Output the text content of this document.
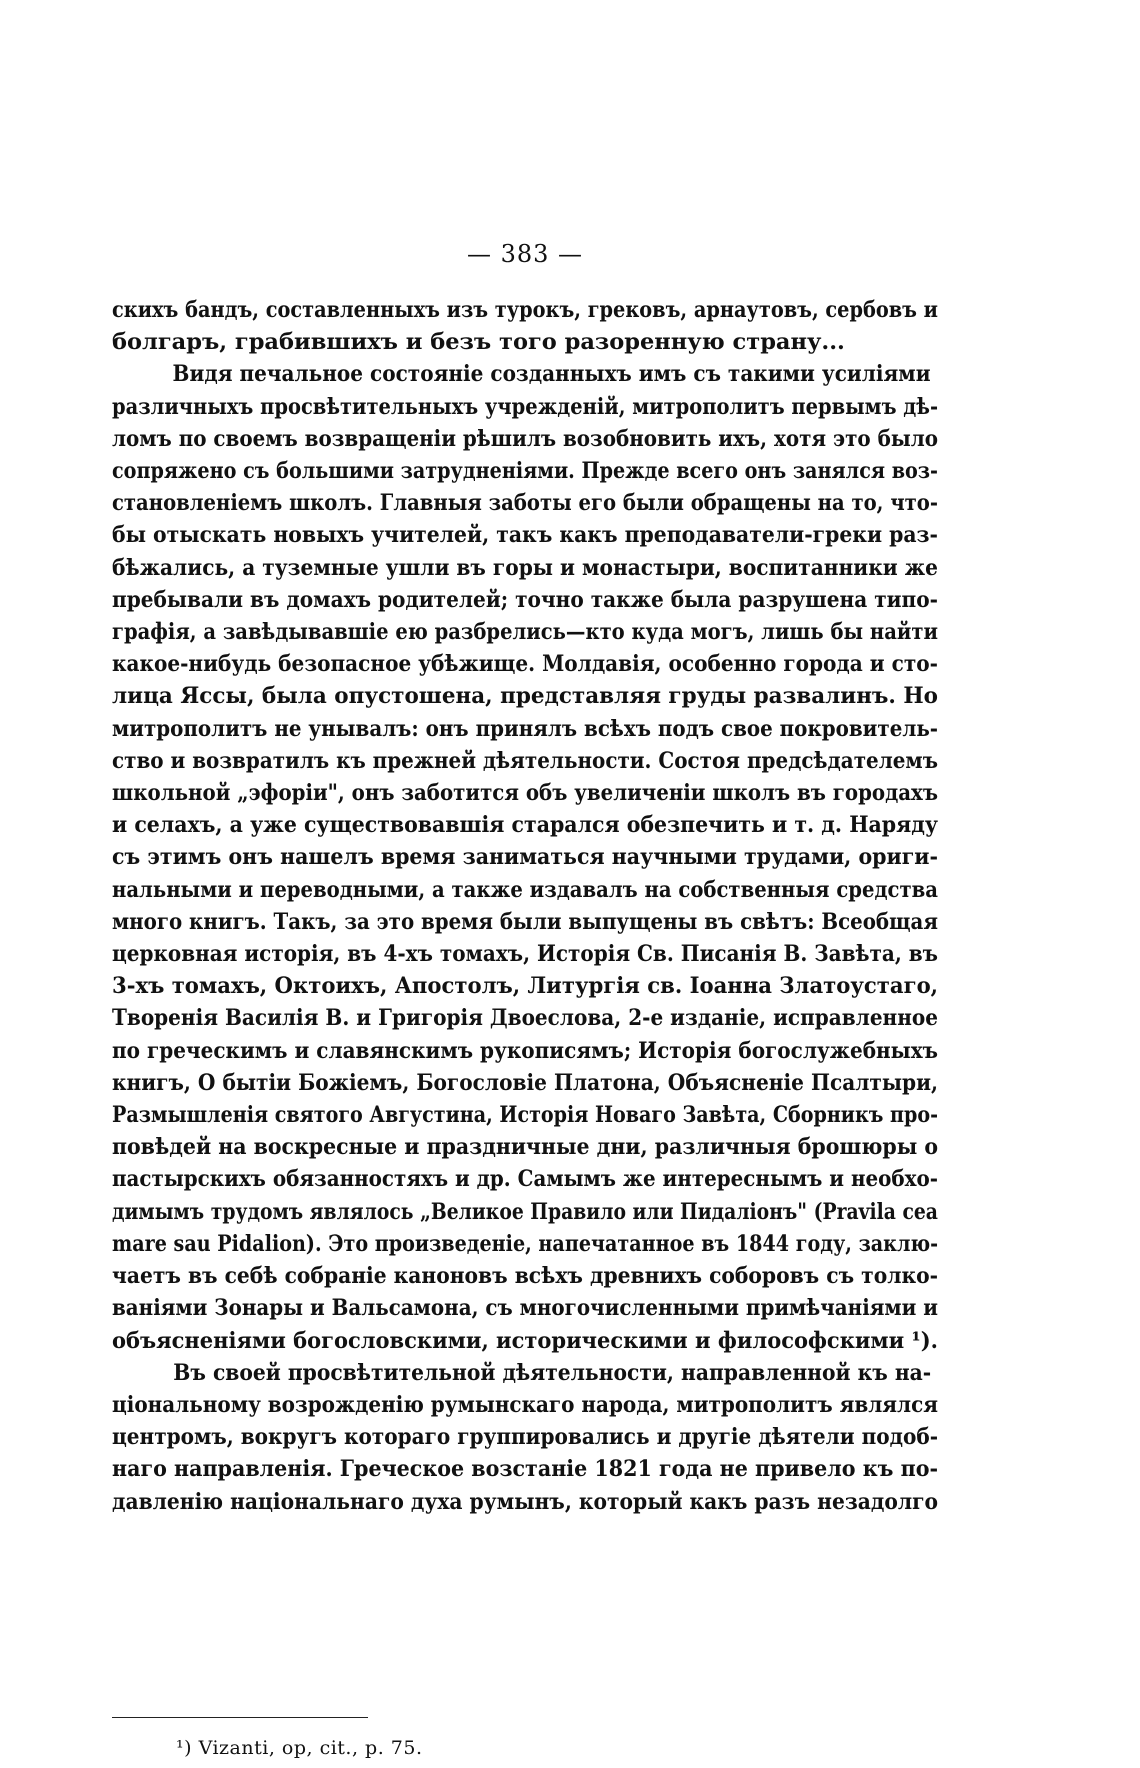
— 383 —
скихъ бандъ, составленныхъ изъ турокъ, грековъ, арнаутовъ, сербовъ и
болгаръ, грабившихъ и безъ того разоренную страну...
Видя печальное состояніе созданныхъ имъ съ такими усиліями
различныхъ просвѣтительныхъ учрежденій, митрополитъ первымъ дѣ-
ломъ по своемъ возвращеніи рѣшилъ возобновить ихъ, хотя это было
сопряжено съ большими затрудненіями. Прежде всего онъ занялся воз-
становленіемъ школъ. Главныя заботы его были обращены на то, что-
бы отыскать новыхъ учителей, такъ какъ преподаватели-греки раз-
бѣжались, а туземные ушли въ горы и монастыри, воспитанники же
пребывали въ домахъ родителей; точно также была разрушена типо-
графія, а завѣдывавшіе ею разбрелись—кто куда могъ, лишь бы найти
какое-нибудь безопасное убѣжище. Молдавія, особенно города и сто-
лица Яссы, была опустошена, представляя груды развалинъ. Но
митрополитъ не унывалъ: онъ принялъ всѣхъ подъ свое покровитель-
ство и возвратилъ къ прежней дѣятельности. Состоя предсѣдателемъ
школьной „эфоріи", онъ заботится объ увеличеніи школъ въ городахъ
и селахъ, а уже существовавшія старался обезпечить и т. д. Наряду
съ этимъ онъ нашелъ время заниматься научными трудами, ориги-
нальными и переводными, а также издавалъ на собственныя средства
много книгъ. Такъ, за это время были выпущены въ свѣтъ: Всеобщая
церковная исторія, въ 4-хъ томахъ, Исторія Св. Писанія В. Завѣта, въ
3-хъ томахъ, Октоихъ, Апостолъ, Литургія св. Іоанна Златоустаго,
Творенія Василія В. и Григорія Двоеслова, 2-е изданіе, исправленное
по греческимъ и славянскимъ рукописямъ; Исторія богослужебныхъ
книгъ, О бытіи Божіемъ, Богословіе Платона, Объясненіе Псалтыри,
Размышленія святого Августина, Исторія Новаго Завѣта, Сборникъ про-
повѣдей на воскресные и праздничные дни, различныя брошюры о
пастырскихъ обязанностяхъ и др. Самымъ же интереснымъ и необхо-
димымъ трудомъ являлось „Великое Правило или Пидаліонъ" (Pravila cea
mare sau Pidalion). Это произведеніе, напечатанное въ 1844 году, заклю-
чаетъ въ себѣ собраніе каноновъ всѣхъ древнихъ соборовъ съ толко-
ваніями Зонары и Вальсамона, съ многочисленными примѣчаніями и
объясненіями богословскими, историческими и философскими ¹).
Въ своей просвѣтительной дѣятельности, направленной къ на-
ціональному возрожденію румынскаго народа, митрополитъ являлся
центромъ, вокругъ котораго группировались и другіе дѣятели подоб-
наго направленія. Греческое возстаніе 1821 года не привело къ по-
давленію національнаго духа румынъ, который какъ разъ незадолго
¹) Vizanti, op, cit., p. 75.
